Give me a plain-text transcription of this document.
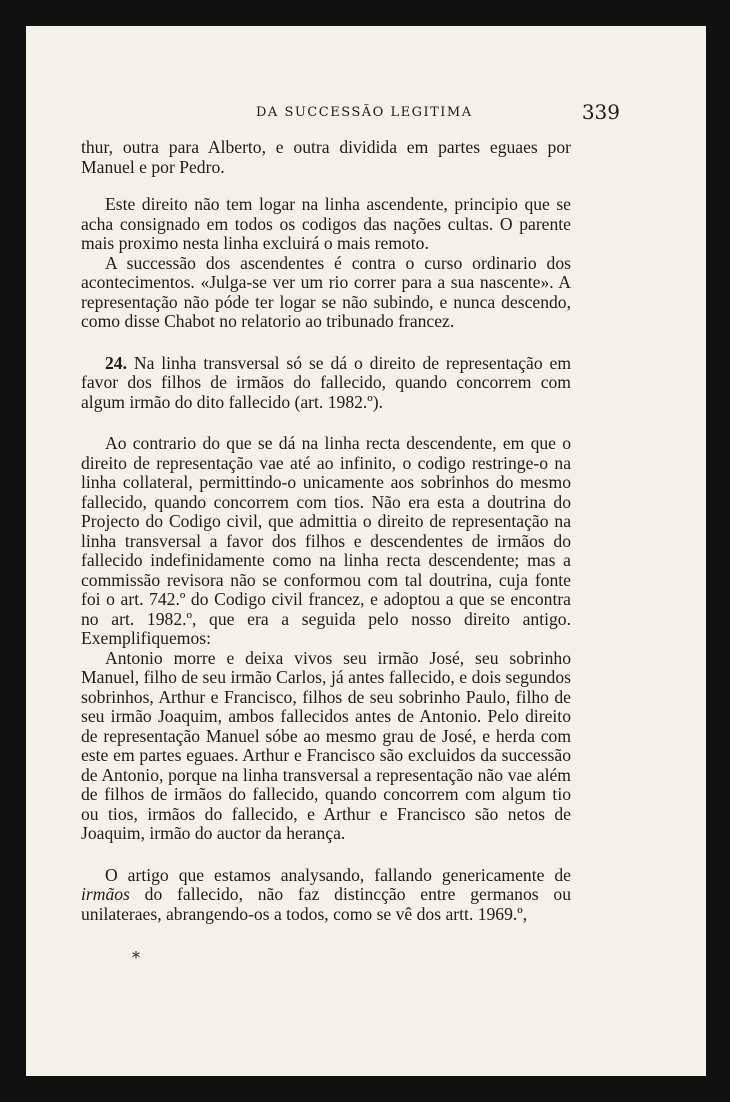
DA SUCCESSÃO LEGITIMA	339

thur, outra para Alberto, e outra dividida em partes eguaes por Manuel e por Pedro.

Este direito não tem logar na linha ascendente, principio que se acha consignado em todos os codigos das nações cultas. O parente mais proximo nesta linha excluirá o mais remoto.

A successão dos ascendentes é contra o curso ordinario dos acontecimentos. «Julga-se ver um rio correr para a sua nascente». A representação não póde ter logar se não subindo, e nunca descendo, como disse Chabot no relatorio ao tribunado francez.

24. Na linha transversal só se dá o direito de representação em favor dos filhos de irmãos do fallecido, quando concorrem com algum irmão do dito fallecido (art. 1982.º).

Ao contrario do que se dá na linha recta descendente, em que o direito de representação vae até ao infinito, o codigo restringe-o na linha collateral, permittindo-o unicamente aos sobrinhos do mesmo fallecido, quando concorrem com tios. Não era esta a doutrina do Projecto do Codigo civil, que admittia o direito de representação na linha transversal a favor dos filhos e descendentes de irmãos do fallecido indefinidamente como na linha recta descendente; mas a commissão revisora não se conformou com tal doutrina, cuja fonte foi o art. 742.º do Codigo civil francez, e adoptou a que se encontra no art. 1982.º, que era a seguida pelo nosso direito antigo. Exemplifiquemos:

Antonio morre e deixa vivos seu irmão José, seu sobrinho Manuel, filho de seu irmão Carlos, já antes fallecido, e dois segundos sobrinhos, Arthur e Francisco, filhos de seu sobrinho Paulo, filho de seu irmão Joaquim, ambos fallecidos antes de Antonio. Pelo direito de representação Manuel sóbe ao mesmo grau de José, e herda com este em partes eguaes. Arthur e Francisco são excluidos da successão de Antonio, porque na linha transversal a representação não vae além de filhos de irmãos do fallecido, quando concorrem com algum tio ou tios, irmãos do fallecido, e Arthur e Francisco são netos de Joaquim, irmão do auctor da herança.

O artigo que estamos analysando, fallando genericamente de irmãos do fallecido, não faz distincção entre germanos ou unilateraes, abrangendo-os a todos, como se vê dos artt. 1969.º,

*
